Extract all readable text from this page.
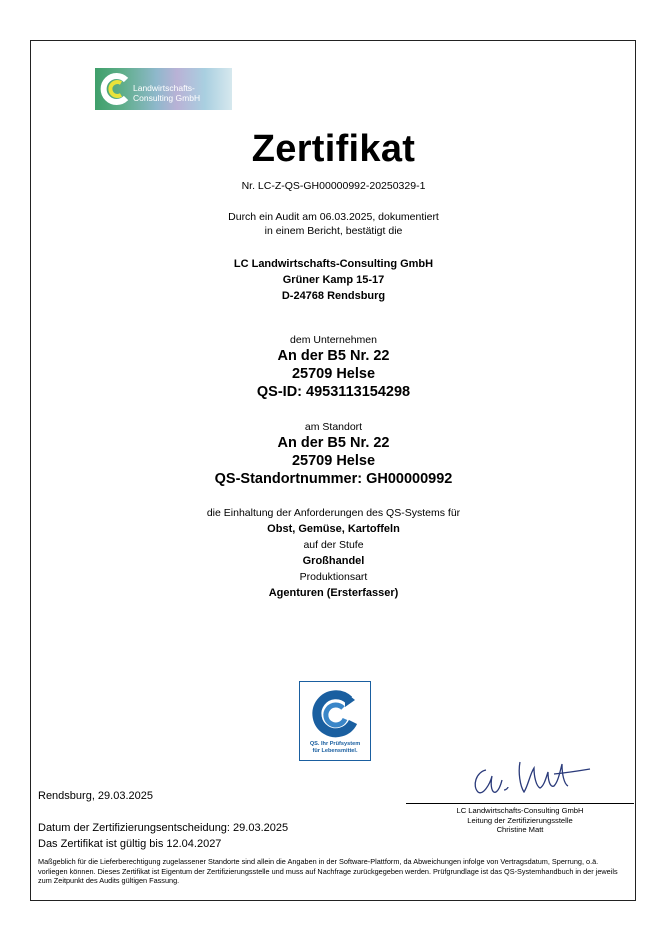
Landwirtschafts-
Consulting GmbH
Zertifikat
Nr. LC-Z-QS-GH00000992-20250329-1
Durch ein Audit am 06.03.2025, dokumentiert
in einem Bericht, bestätigt die
LC Landwirtschafts-Consulting GmbH
Grüner Kamp 15-17
D-24768 Rendsburg
dem Unternehmen
An der B5 Nr. 22
25709 Helse
QS-ID: 4953113154298
am Standort
An der B5 Nr. 22
25709 Helse
QS-Standortnummer: GH00000992
die Einhaltung der Anforderungen des QS-Systems für
Obst, Gemüse, Kartoffeln
auf der Stufe
Großhandel
Produktionsart
Agenturen (Ersterfasser)
QS. Ihr Prüfsystem
für Lebensmittel.
Rendsburg, 29.03.2025
LC Landwirtschafts-Consulting GmbH
Leitung der Zertifizierungsstelle
Christine Matt
Datum der Zertifizierungsentscheidung: 29.03.2025
Das Zertifikat ist gültig bis 12.04.2027
Maßgeblich für die Lieferberechtigung zugelassener Standorte sind allein die Angaben in der Software-Plattform, da Abweichungen infolge von Vertragsdatum, Sperrung, o.ä. vorliegen können. Dieses Zertifikat ist Eigentum der Zertifizierungsstelle und muss auf Nachfrage zurückgegeben werden. Prüfgrundlage ist das QS-Systemhandbuch in der jeweils zum Zeitpunkt des Audits gültigen Fassung.
